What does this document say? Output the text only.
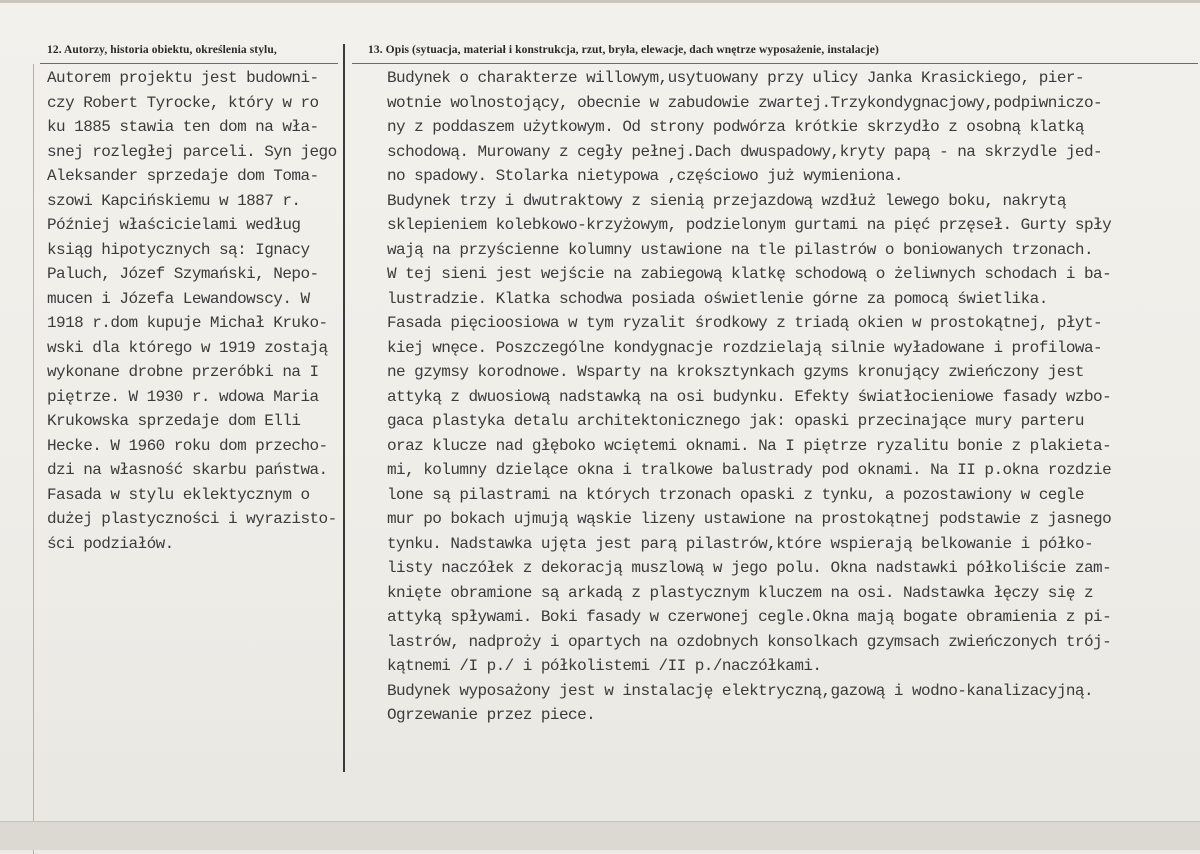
12. Autorzy, historia obiektu, określenia stylu,	13. Opis (sytuacja, materiał i konstrukcja, rzut, bryła, elewacje, dach wnętrze wyposażenie, instalacje)
Autorem projektu jest budowni-
czy Robert Tyrocke, który w ro
ku 1885 stawia ten dom na wła-
snej rozległej parceli. Syn jego
Aleksander sprzedaje dom Toma-
szowi Kapcińskiemu w 1887 r.
Później właścicielami według
ksiąg hipotycznych są: Ignacy
Paluch, Józef Szymański, Nepo-
mucen i Józefa Lewandowscy. W
1918 r.dom kupuje Michał Kruko-
wski dla którego w 1919 zostają
wykonane drobne przeróbki na I
piętrze. W 1930 r. wdowa Maria
Krukowska sprzedaje dom Elli
Hecke. W 1960 roku dom przecho-
dzi na własność skarbu państwa.
Fasada w stylu eklektycznym o
dużej plastyczności i wyrazisto-
ści podziałów.
Budynek o charakterze willowym,usytuowany przy ulicy Janka Krasickiego, pier-
wotnie wolnostojący, obecnie w zabudowie zwartej.Trzykondygnacjowy,podpiwniczo-
ny z poddaszem użytkowym. Od strony podwórza krótkie skrzydło z osobną klatką
schodową. Murowany z cegły pełnej.Dach dwuspadowy,kryty papą - na skrzydle jed-
no spadowy. Stolarka nietypowa ,częściowo już wymieniona.
Budynek trzy i dwutraktowy z sienią przejazdową wzdłuż lewego boku, nakrytą
sklepieniem kolebkowo-krzyżowym, podzielonym gurtami na pięć przęseł. Gurty spły
wają na przyścienne kolumny ustawione na tle pilastrów o boniowanych trzonach.
W tej sieni jest wejście na zabiegową klatkę schodową o żeliwnych schodach i ba-
lustradzie. Klatka schodwa posiada oświetlenie górne za pomocą świetlika.
Fasada pięcioosiowa w tym ryzalit środkowy z triadą okien w prostokątnej, płyt-
kiej wnęce. Poszczególne kondygnacje rozdzielają silnie wyładowane i profilowa-
ne gzymsy korodnowe. Wsparty na kroksztynkach gzyms kronujący zwieńczony jest
attyką z dwuosiową nadstawką na osi budynku. Efekty światłocieniowe fasady wzbo-
gaca plastyka detalu architektonicznego jak: opaski przecinające mury parteru
oraz klucze nad głęboko wciętemi oknami. Na I piętrze ryzalitu bonie z plakieta-
mi, kolumny dzielące okna i tralkowe balustrady pod oknami. Na II p.okna rozdzie
lone są pilastrami na których trzonach opaski z tynku, a pozostawiony w cegle
mur po bokach ujmują wąskie lizeny ustawione na prostokątnej podstawie z jasnego
tynku. Nadstawka ujęta jest parą pilastrów,które wspierają belkowanie i półko-
listy naczółek z dekoracją muszlową w jego polu. Okna nadstawki półkoliście zam-
knięte obramione są arkadą z plastycznym kluczem na osi. Nadstawka łęczy się z
attyką spływami. Boki fasady w czerwonej cegle.Okna mają bogate obramienia z pi-
lastrów, nadproży i opartych na ozdobnych konsolkach gzymsach zwieńczonych trój-
kątnemi /I p./ i półkolistemi /II p./naczółkami.
Budynek wyposażony jest w instalację elektryczną,gazową i wodno-kanalizacyjną.
Ogrzewanie przez piece.
